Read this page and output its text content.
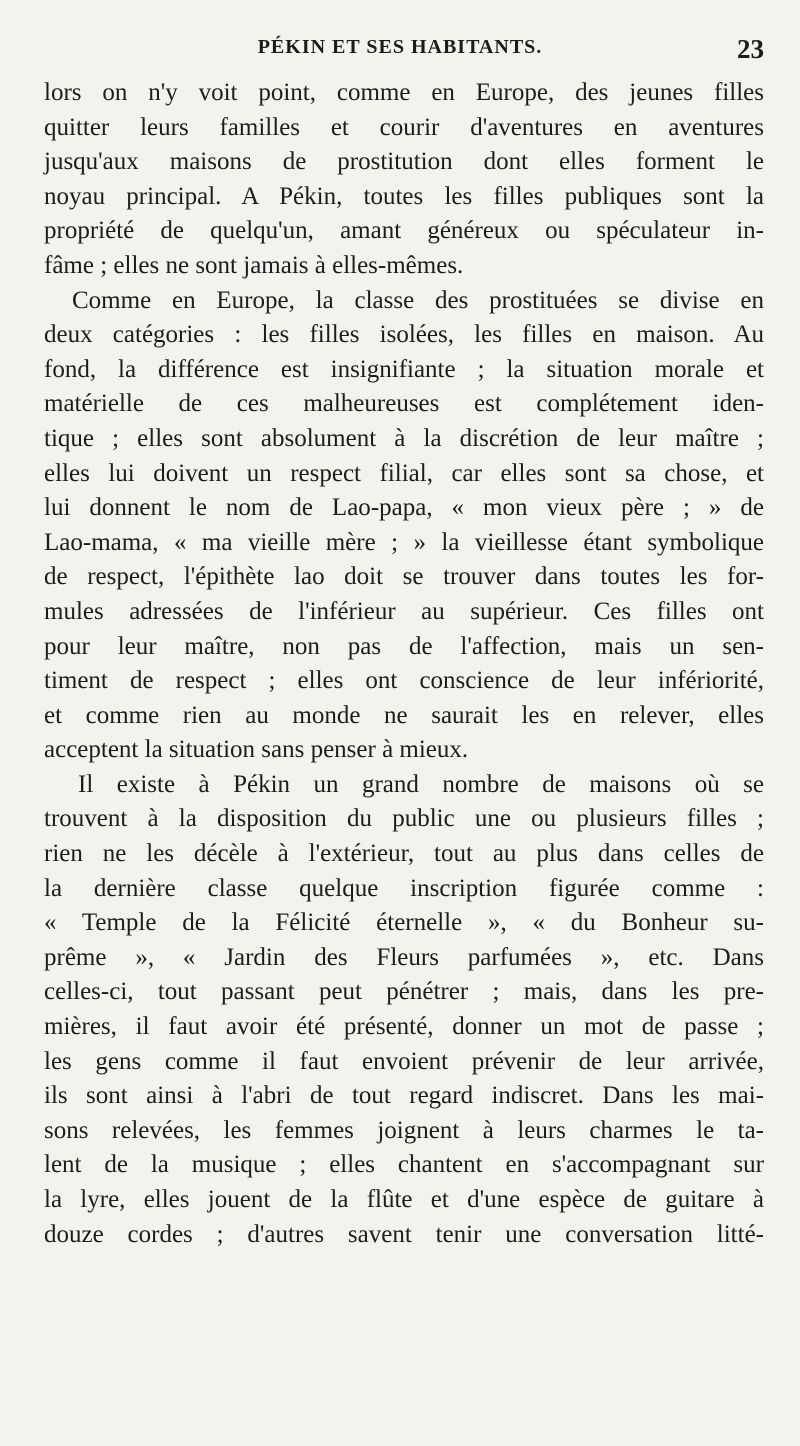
PÉKIN ET SES HABITANTS.	23
lors on n'y voit point, comme en Europe, des jeunes filles
quitter leurs familles et courir d'aventures en aventures
jusqu'aux maisons de prostitution dont elles forment le
noyau principal. A Pékin, toutes les filles publiques sont la
propriété de quelqu'un, amant généreux ou spéculateur in-
fâme ; elles ne sont jamais à elles-mêmes.
Comme en Europe, la classe des prostituées se divise en
deux catégories : les filles isolées, les filles en maison. Au
fond, la différence est insignifiante ; la situation morale et
matérielle de ces malheureuses est complétement iden-
tique ; elles sont absolument à la discrétion de leur maître ;
elles lui doivent un respect filial, car elles sont sa chose, et
lui donnent le nom de Lao-papa, « mon vieux père ; » de
Lao-mama, « ma vieille mère ; » la vieillesse étant symbolique
de respect, l'épithète lao doit se trouver dans toutes les for-
mules adressées de l'inférieur au supérieur. Ces filles ont
pour leur maître, non pas de l'affection, mais un sen-
timent de respect ; elles ont conscience de leur infériorité,
et comme rien au monde ne saurait les en relever, elles
acceptent la situation sans penser à mieux.
Il existe à Pékin un grand nombre de maisons où se
trouvent à la disposition du public une ou plusieurs filles ;
rien ne les décèle à l'extérieur, tout au plus dans celles de
la dernière classe quelque inscription figurée comme :
« Temple de la Félicité éternelle », « du Bonheur su-
prême », « Jardin des Fleurs parfumées », etc. Dans
celles-ci, tout passant peut pénétrer ; mais, dans les pre-
mières, il faut avoir été présenté, donner un mot de passe ;
les gens comme il faut envoient prévenir de leur arrivée,
ils sont ainsi à l'abri de tout regard indiscret. Dans les mai-
sons relevées, les femmes joignent à leurs charmes le ta-
lent de la musique ; elles chantent en s'accompagnant sur
la lyre, elles jouent de la flûte et d'une espèce de guitare à
douze cordes ; d'autres savent tenir une conversation litté-
